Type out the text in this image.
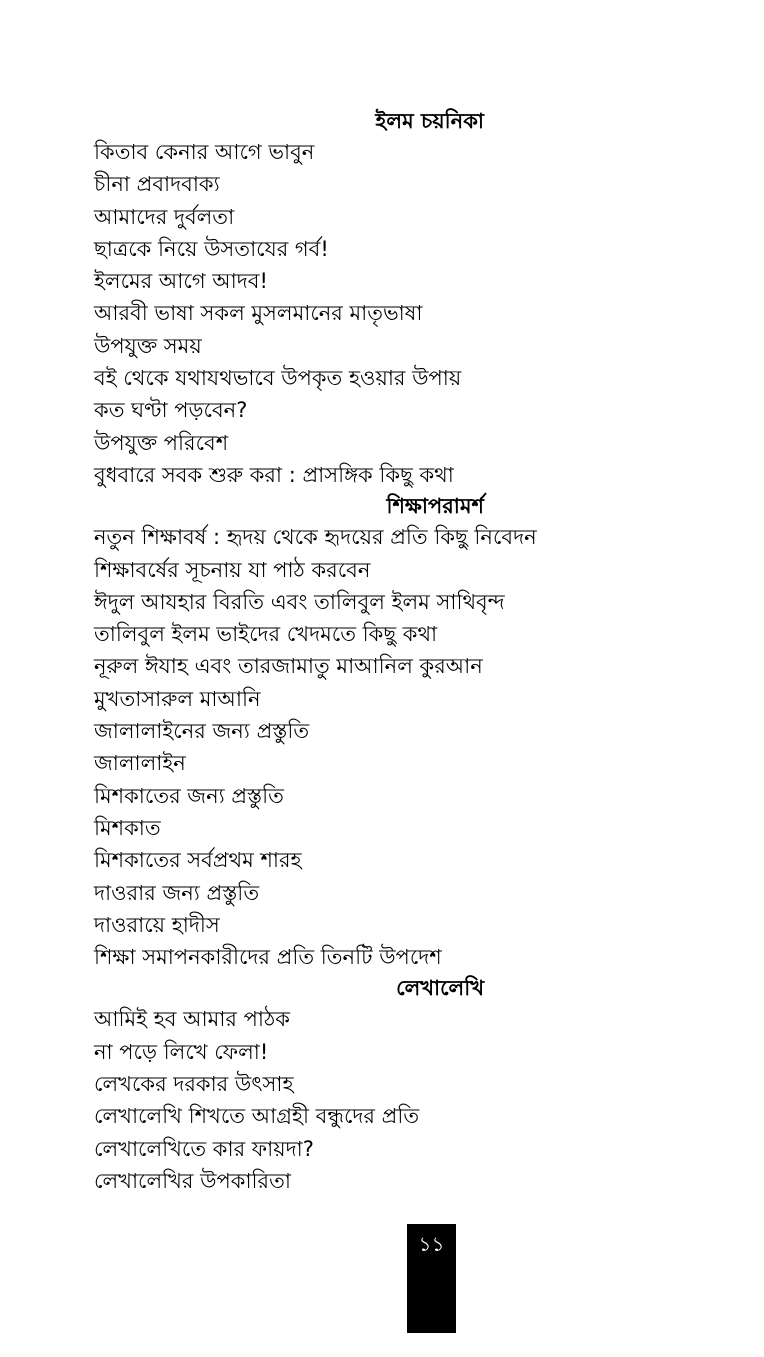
ইলম চয়নিকা
কিতাব কেনার আগে ভাবুন
চীনা প্রবাদবাক্য
আমাদের দুর্বলতা
ছাত্রকে নিয়ে উসতাযের গর্ব!
ইলমের আগে আদব!
আরবী ভাষা সকল মুসলমানের মাতৃভাষা
উপযুক্ত সময়
বই থেকে যথাযথভাবে উপকৃত হওয়ার উপায়
কত ঘণ্টা পড়বেন?
উপযুক্ত পরিবেশ
বুধবারে সবক শুরু করা : প্রাসঙ্গিক কিছু কথা
শিক্ষাপরামর্শ
নতুন শিক্ষাবর্ষ : হৃদয় থেকে হৃদয়ের প্রতি কিছু নিবেদন
শিক্ষাবর্ষের সূচনায় যা পাঠ করবেন
ঈদুল আযহার বিরতি এবং তালিবুল ইলম সাথিবৃন্দ
তালিবুল ইলম ভাইদের খেদমতে কিছু কথা
নূরুল ঈযাহ এবং তারজামাতু মাআনিল কুরআন
মুখতাসারুল মাআনি
জালালাইনের জন্য প্রস্তুতি
জালালাইন
মিশকাতের জন্য প্রস্তুতি
মিশকাত
মিশকাতের সর্বপ্রথম শারহ
দাওরার জন্য প্রস্তুতি
দাওরায়ে হাদীস
শিক্ষা সমাপনকারীদের প্রতি তিনটি উপদেশ
লেখালেখি
আমিই হব আমার পাঠক
না পড়ে লিখে ফেলা!
লেখকের দরকার উৎসাহ
লেখালেখি শিখতে আগ্রহী বন্ধুদের প্রতি
লেখালেখিতে কার ফায়দা?
লেখালেখির উপকারিতা
১১
